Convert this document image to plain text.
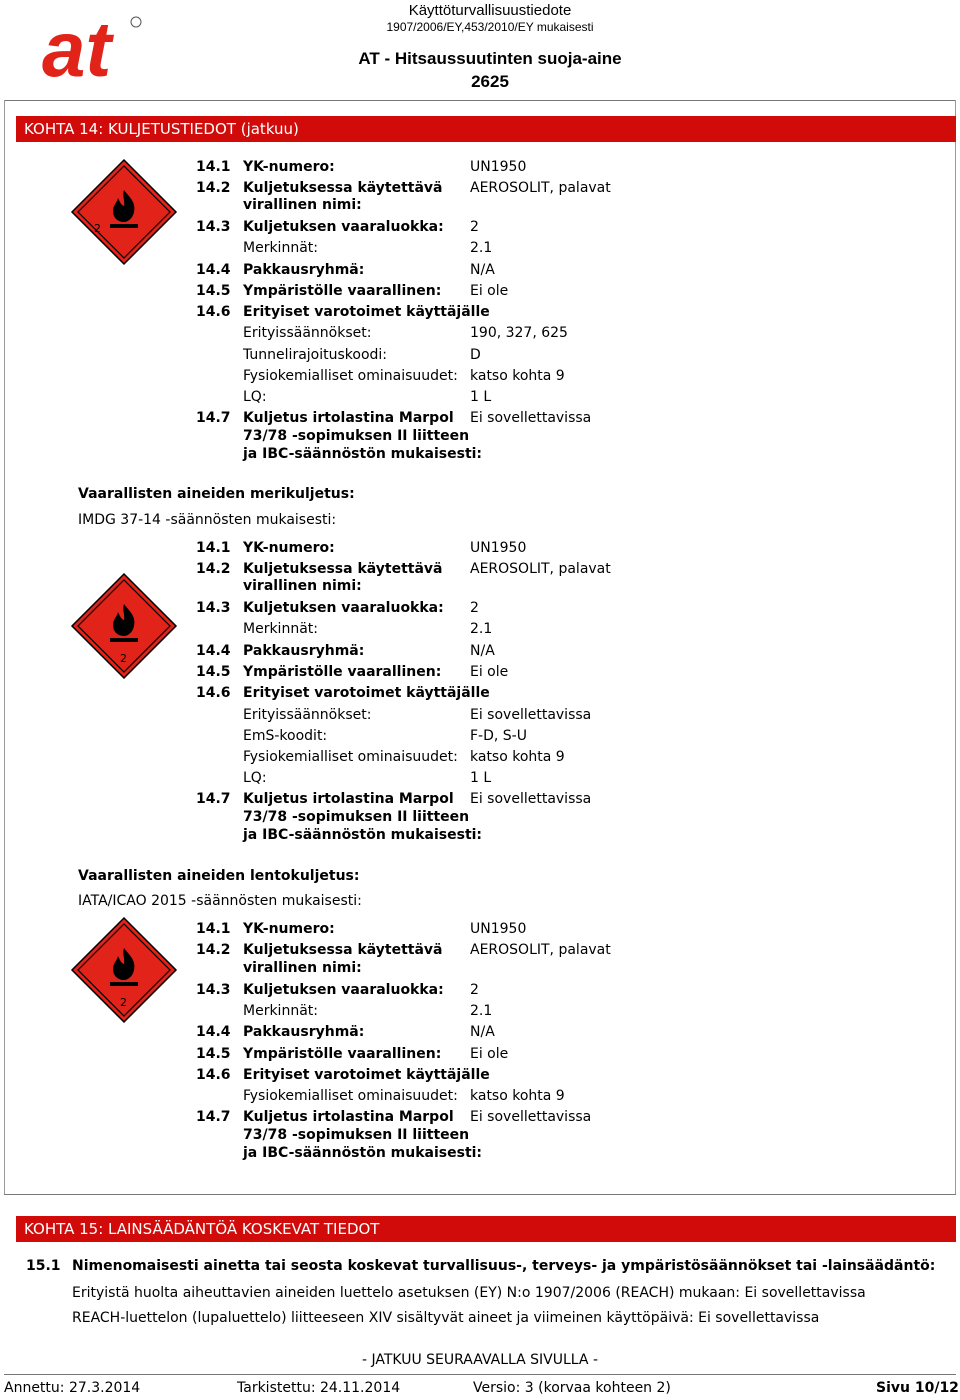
at	Käyttöturvallisuustiedote
1907/2006/EY,453/2010/EY mukaisesti
AT - Hitsaussuutinten suoja-aine
2625
KOHTA 14: KULJETUSTIEDOT (jatkuu)
2
2
2
14.1 YK-numero:	UN1950
14.2 Kuljetuksessa käytettävä AEROSOLIT, palavat
virallinen nimi:
14.3 Kuljetuksen vaaraluokka: 2
Merkinnät:	2.1
14.4 Pakkausryhmä:	N/A
14.5 Ympäristölle vaarallinen: Ei ole
14.6 Erityiset varotoimet käyttäjälle
Erityissäännökset:	190, 327, 625
Tunnelirajoituskoodi:	D
Fysiokemialliset ominaisuudet: katso kohta 9
LQ:	1 L
14.7 Kuljetus irtolastina Marpol Ei sovellettavissa
73/78 -sopimuksen II liitteen
ja IBC-säännöstön mukaisesti:
Vaarallisten aineiden merikuljetus:
IMDG 37-14 -säännösten mukaisesti:
14.1 YK-numero:	UN1950
14.2 Kuljetuksessa käytettävä AEROSOLIT, palavat
virallinen nimi:
14.3 Kuljetuksen vaaraluokka: 2
Merkinnät:	2.1
14.4 Pakkausryhmä:	N/A
14.5 Ympäristölle vaarallinen: Ei ole
14.6 Erityiset varotoimet käyttäjälle
Erityissäännökset:	Ei sovellettavissa
EmS-koodit:	F-D, S-U
Fysiokemialliset ominaisuudet: katso kohta 9
LQ:	1 L
14.7 Kuljetus irtolastina Marpol Ei sovellettavissa
73/78 -sopimuksen II liitteen
ja IBC-säännöstön mukaisesti:
Vaarallisten aineiden lentokuljetus:
IATA/ICAO 2015 -säännösten mukaisesti:
14.1 YK-numero:	UN1950
14.2 Kuljetuksessa käytettävä AEROSOLIT, palavat
virallinen nimi:
14.3 Kuljetuksen vaaraluokka: 2
Merkinnät:	2.1
14.4 Pakkausryhmä:	N/A
14.5 Ympäristölle vaarallinen: Ei ole
14.6 Erityiset varotoimet käyttäjälle
Fysiokemialliset ominaisuudet: katso kohta 9
14.7 Kuljetus irtolastina Marpol Ei sovellettavissa
73/78 -sopimuksen II liitteen
ja IBC-säännöstön mukaisesti:
KOHTA 15: LAINSÄÄDÄNTÖÄ KOSKEVAT TIEDOT
15.1 Nimenomaisesti ainetta tai seosta koskevat turvallisuus-, terveys- ja ympäristösäännökset tai -lainsäädäntö:
Erityistä huolta aiheuttavien aineiden luettelo asetuksen (EY) N:o 1907/2006 (REACH) mukaan: Ei sovellettavissa
REACH-luettelon (lupaluettelo) liitteeseen XIV sisältyvät aineet ja viimeinen käyttöpäivä: Ei sovellettavissa
- JATKUU SEURAAVALLA SIVULLA -
Annettu: 27.3.2014	Tarkistettu: 24.11.2014	Versio: 3 (korvaa kohteen 2)	Sivu 10/12
